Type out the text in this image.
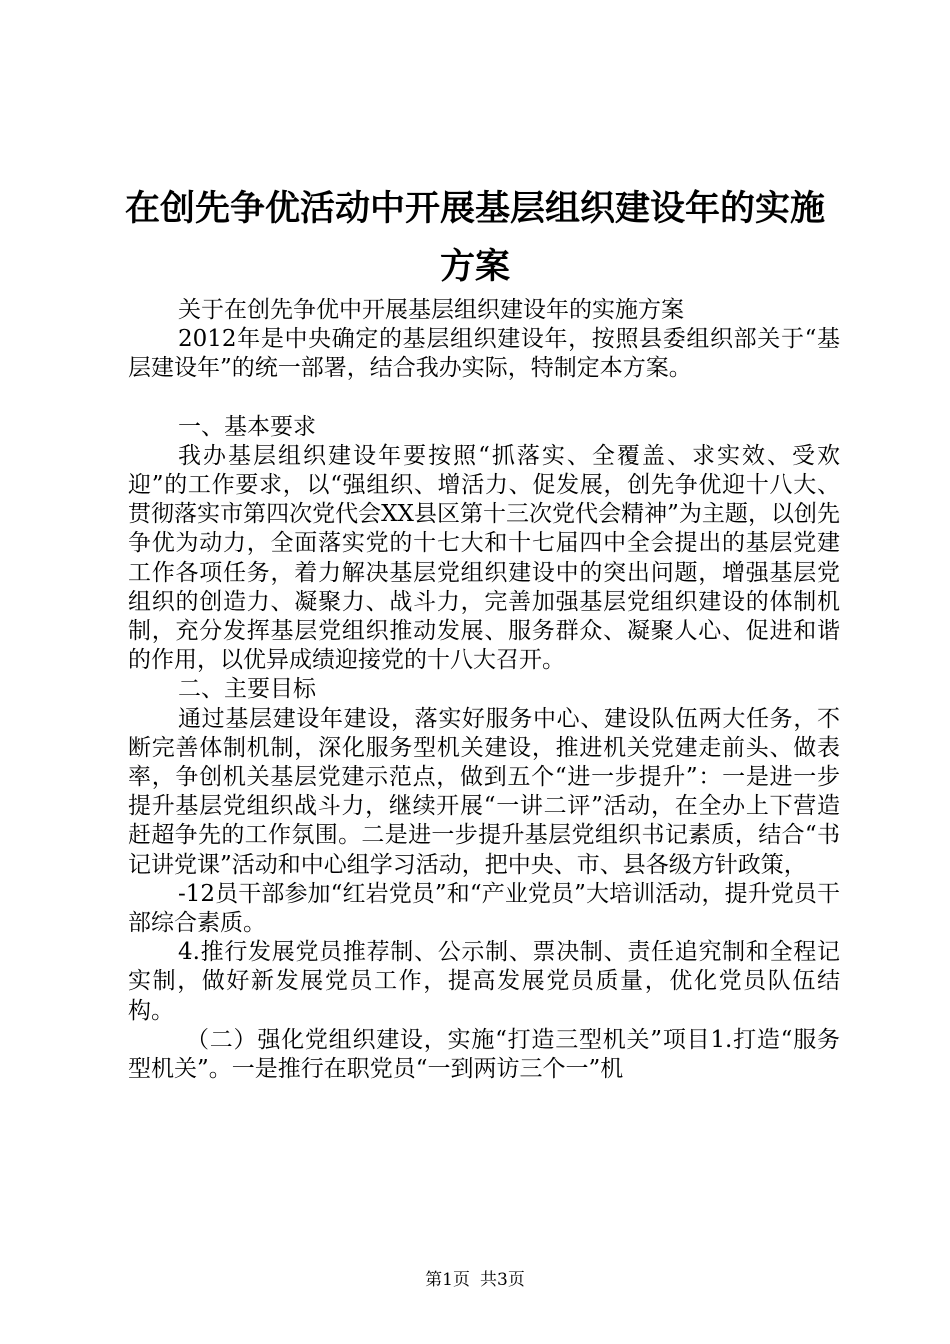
在创先争优活动中开展基层组织建设年的实施
方案

关于在创先争优中开展基层组织建设年的实施方案

2012年是中央确定的基层组织建设年，按照县委组织部关于“基层建设年”的统一部署，结合我办实际，特制定本方案。

一、基本要求

我办基层组织建设年要按照“抓落实、全覆盖、求实效、受欢迎”的工作要求，以“强组织、增活力、促发展，创先争优迎十八大、贯彻落实市第四次党代会XX县区第十三次党代会精神”为主题，以创先争优为动力，全面落实党的十七大和十七届四中全会提出的基层党建工作各项任务，着力解决基层党组织建设中的突出问题，增强基层党组织的创造力、凝聚力、战斗力，完善加强基层党组织建设的体制机制，充分发挥基层党组织推动发展、服务群众、凝聚人心、促进和谐的作用，以优异成绩迎接党的十八大召开。

二、主要目标

通过基层建设年建设，落实好服务中心、建设队伍两大任务，不断完善体制机制，深化服务型机关建设，推进机关党建走前头、做表率，争创机关基层党建示范点，做到五个“进一步提升”：一是进一步提升基层党组织战斗力，继续开展“一讲二评”活动，在全办上下营造赶超争先的工作氛围。二是进一步提升基层党组织书记素质，结合“书记讲党课”活动和中心组学习活动，把中央、市、县各级方针政策，

-12员干部参加“红岩党员”和“产业党员”大培训活动，提升党员干部综合素质。

4.推行发展党员推荐制、公示制、票决制、责任追究制和全程记实制，做好新发展党员工作，提高发展党员质量，优化党员队伍结构。

（二）强化党组织建设，实施“打造三型机关”项目1.打造“服务型机关”。一是推行在职党员“一到两访三个一”机

第1页 共3页
